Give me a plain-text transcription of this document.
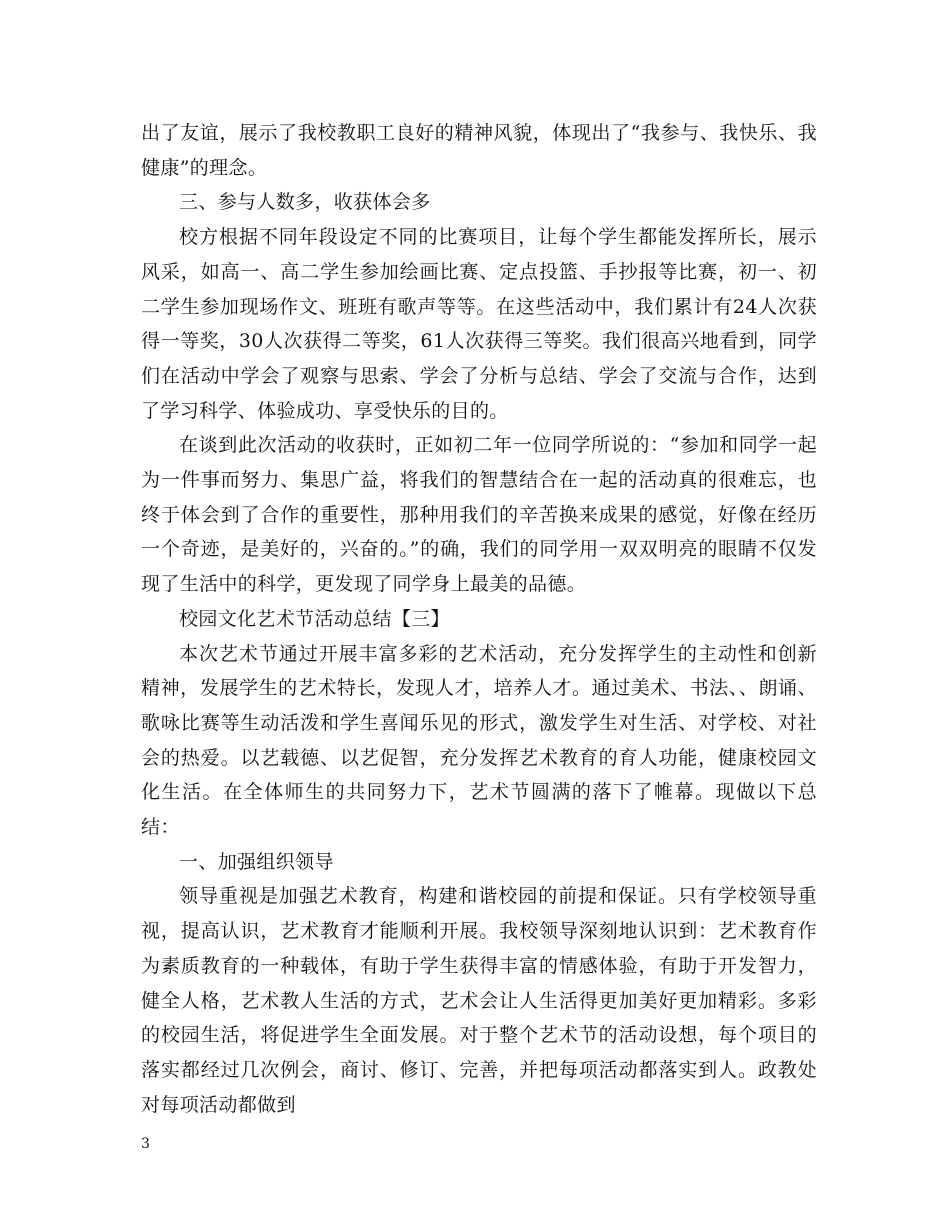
出了友谊，展示了我校教职工良好的精神风貌，体现出了“我参与、我快乐、我健康”的理念。

三、参与人数多，收获体会多

校方根据不同年段设定不同的比赛项目，让每个学生都能发挥所长，展示风采，如高一、高二学生参加绘画比赛、定点投篮、手抄报等比赛，初一、初二学生参加现场作文、班班有歌声等等。在这些活动中，我们累计有24人次获得一等奖，30人次获得二等奖，61人次获得三等奖。我们很高兴地看到，同学们在活动中学会了观察与思索、学会了分析与总结、学会了交流与合作，达到了学习科学、体验成功、享受快乐的目的。

在谈到此次活动的收获时，正如初二年一位同学所说的：“参加和同学一起为一件事而努力、集思广益，将我们的智慧结合在一起的活动真的很难忘，也终于体会到了合作的重要性，那种用我们的辛苦换来成果的感觉，好像在经历一个奇迹，是美好的，兴奋的。”的确，我们的同学用一双双明亮的眼睛不仅发现了生活中的科学，更发现了同学身上最美的品德。

校园文化艺术节活动总结【三】

本次艺术节通过开展丰富多彩的艺术活动，充分发挥学生的主动性和创新精神，发展学生的艺术特长，发现人才，培养人才。通过美术、书法、、朗诵、歌咏比赛等生动活泼和学生喜闻乐见的形式，激发学生对生活、对学校、对社会的热爱。以艺载德、以艺促智，充分发挥艺术教育的育人功能，健康校园文化生活。在全体师生的共同努力下，艺术节圆满的落下了帷幕。现做以下总结：

一、加强组织领导

领导重视是加强艺术教育，构建和谐校园的前提和保证。只有学校领导重视，提高认识，艺术教育才能顺利开展。我校领导深刻地认识到：艺术教育作为素质教育的一种载体，有助于学生获得丰富的情感体验，有助于开发智力，健全人格，艺术教人生活的方式，艺术会让人生活得更加美好更加精彩。多彩的校园生活，将促进学生全面发展。对于整个艺术节的活动设想，每个项目的落实都经过几次例会，商讨、修订、完善，并把每项活动都落实到人。政教处对每项活动都做到

3
